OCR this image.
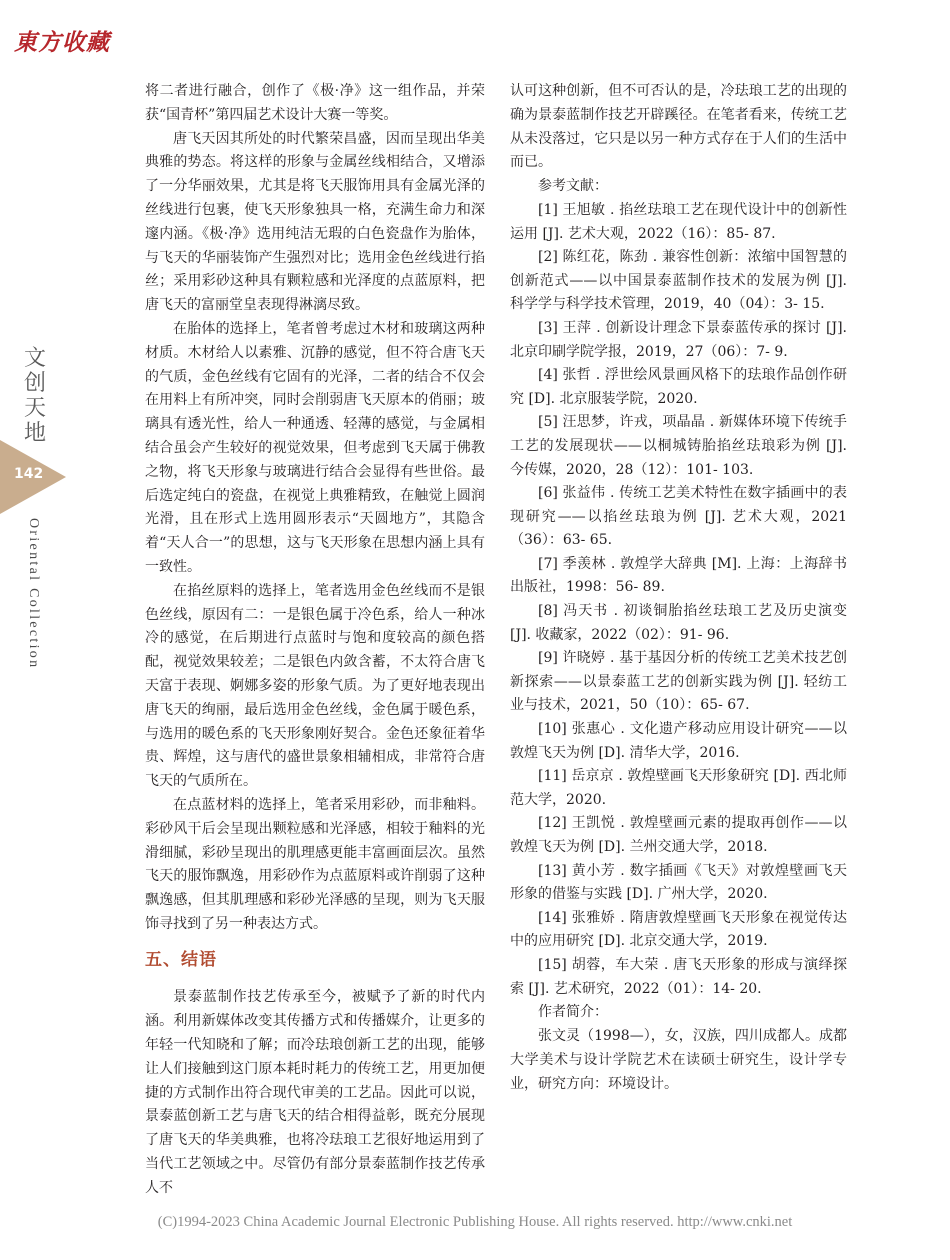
東方收藏
文
创
天
地
142
Oriental Collection

将二者进行融合，创作了《极·净》这一组作品，并荣获“国青杯”第四届艺术设计大赛一等奖。

唐飞天因其所处的时代繁荣昌盛，因而呈现出华美典雅的势态。将这样的形象与金属丝线相结合，又增添了一分华丽效果，尤其是将飞天服饰用具有金属光泽的丝线进行包裹，使飞天形象独具一格，充满生命力和深邃内涵。《极·净》选用纯洁无瑕的白色瓷盘作为胎体，与飞天的华丽装饰产生强烈对比；选用金色丝线进行掐丝；采用彩砂这种具有颗粒感和光泽度的点蓝原料，把唐飞天的富丽堂皇表现得淋漓尽致。

在胎体的选择上，笔者曾考虑过木材和玻璃这两种材质。木材给人以素雅、沉静的感觉，但不符合唐飞天的气质，金色丝线有它固有的光泽，二者的结合不仅会在用料上有所冲突，同时会削弱唐飞天原本的俏丽；玻璃具有透光性，给人一种通透、轻薄的感觉，与金属相结合虽会产生较好的视觉效果，但考虑到飞天属于佛教之物，将飞天形象与玻璃进行结合会显得有些世俗。最后选定纯白的瓷盘，在视觉上典雅精致，在触觉上圆润光滑，且在形式上选用圆形表示“天圆地方”，其隐含着“天人合一”的思想，这与飞天形象在思想内涵上具有一致性。

在掐丝原料的选择上，笔者选用金色丝线而不是银色丝线，原因有二：一是银色属于冷色系，给人一种冰冷的感觉，在后期进行点蓝时与饱和度较高的颜色搭配，视觉效果较差；二是银色内敛含蓄，不太符合唐飞天富于表现、婀娜多姿的形象气质。为了更好地表现出唐飞天的绚丽，最后选用金色丝线，金色属于暖色系，与选用的暖色系的飞天形象刚好契合。金色还象征着华贵、辉煌，这与唐代的盛世景象相辅相成，非常符合唐飞天的气质所在。

在点蓝材料的选择上，笔者采用彩砂，而非釉料。彩砂风干后会呈现出颗粒感和光泽感，相较于釉料的光滑细腻，彩砂呈现出的肌理感更能丰富画面层次。虽然飞天的服饰飘逸，用彩砂作为点蓝原料或许削弱了这种飘逸感，但其肌理感和彩砂光泽感的呈现，则为飞天服饰寻找到了另一种表达方式。

五、结语

景泰蓝制作技艺传承至今，被赋予了新的时代内涵。利用新媒体改变其传播方式和传播媒介，让更多的年轻一代知晓和了解；而冷珐琅创新工艺的出现，能够让人们接触到这门原本耗时耗力的传统工艺，用更加便捷的方式制作出符合现代审美的工艺品。因此可以说，景泰蓝创新工艺与唐飞天的结合相得益彰，既充分展现了唐飞天的华美典雅，也将冷珐琅工艺很好地运用到了当代工艺领域之中。尽管仍有部分景泰蓝制作技艺传承人不

认可这种创新，但不可否认的是，冷珐琅工艺的出现的确为景泰蓝制作技艺开辟蹊径。在笔者看来，传统工艺从未没落过，它只是以另一种方式存在于人们的生活中而已。

参考文献：

[1] 王旭敏 . 掐丝珐琅工艺在现代设计中的创新性运用 [J]. 艺术大观，2022（16）：85- 87.

[2] 陈红花，陈劲 . 兼容性创新：浓缩中国智慧的创新范式——以中国景泰蓝制作技术的发展为例 [J]. 科学学与科学技术管理，2019，40（04）：3- 15.

[3] 王萍 . 创新设计理念下景泰蓝传承的探讨 [J]. 北京印刷学院学报，2019，27（06）：7- 9.

[4] 张哲 . 浮世绘风景画风格下的珐琅作品创作研究 [D]. 北京服装学院，2020.

[5] 汪思梦，许戎，项晶晶 . 新媒体环境下传统手工艺的发展现状——以桐城铸胎掐丝珐琅彩为例 [J]. 今传媒，2020，28（12）：101- 103.

[6] 张益伟 . 传统工艺美术特性在数字插画中的表现研究——以掐丝珐琅为例 [J]. 艺术大观，2021（36）：63- 65.

[7] 季羡林 . 敦煌学大辞典 [M]. 上海：上海辞书出版社，1998：56- 89.

[8] 冯天书 . 初谈铜胎掐丝珐琅工艺及历史演变 [J]. 收藏家，2022（02）：91- 96.

[9] 许晓婷 . 基于基因分析的传统工艺美术技艺创新探索——以景泰蓝工艺的创新实践为例 [J]. 轻纺工业与技术，2021，50（10）：65- 67.

[10] 张惠心 . 文化遗产移动应用设计研究——以敦煌飞天为例 [D]. 清华大学，2016.

[11] 岳京京 . 敦煌壁画飞天形象研究 [D]. 西北师范大学，2020.

[12] 王凯悦 . 敦煌壁画元素的提取再创作——以敦煌飞天为例 [D]. 兰州交通大学，2018.

[13] 黄小芳 . 数字插画《飞天》对敦煌壁画飞天形象的借鉴与实践 [D]. 广州大学，2020.

[14] 张雅娇 . 隋唐敦煌壁画飞天形象在视觉传达中的应用研究 [D]. 北京交通大学，2019.

[15] 胡蓉，车大荣 . 唐飞天形象的形成与演绎探索 [J]. 艺术研究，2022（01）：14- 20.

作者简介：

张文灵（1998—），女，汉族，四川成都人。成都大学美术与设计学院艺术在读硕士研究生，设计学专业，研究方向：环境设计。

(C)1994-2023 China Academic Journal Electronic Publishing House. All rights reserved. http://www.cnki.net
